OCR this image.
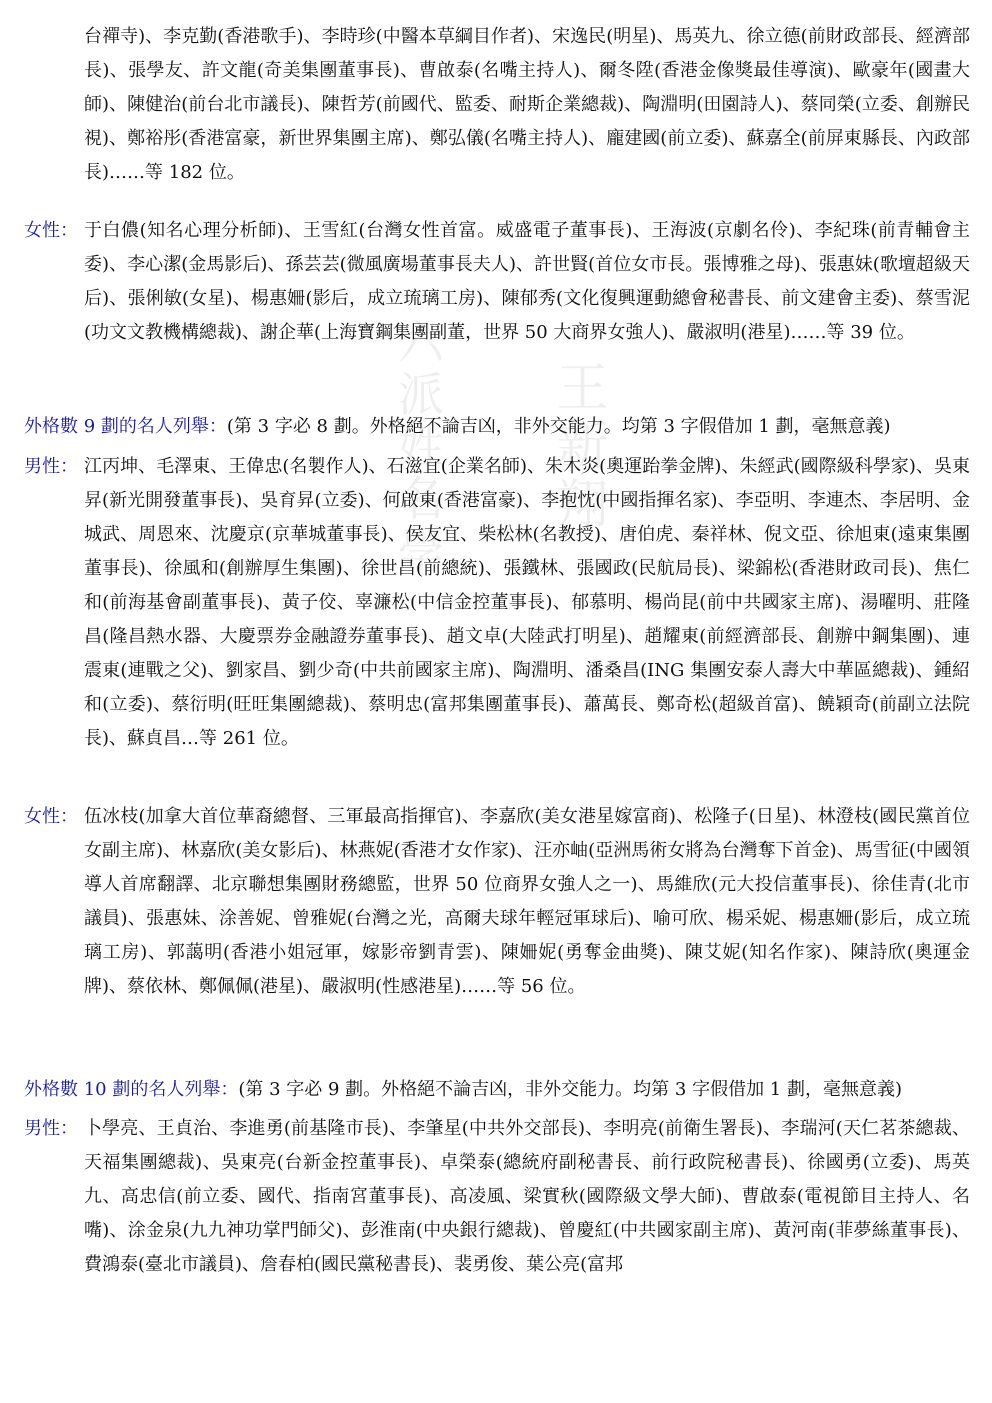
六派姓名學 王新翔
台禪寺)、李克勤(香港歌手)、李時珍(中醫本草綱目作者)、宋逸民(明星)、馬英九、徐立德(前財政部長、經濟部長)、張學友、許文龍(奇美集團董事長)、曹啟泰(名嘴主持人)、爾冬陞(香港金像獎最佳導演)、歐豪年(國畫大師)、陳健治(前台北市議長)、陳哲芳(前國代、監委、耐斯企業總裁)、陶淵明(田園詩人)、蔡同榮(立委、創辦民視)、鄭裕彤(香港富豪，新世界集團主席)、鄭弘儀(名嘴主持人)、龐建國(前立委)、蘇嘉全(前屏東縣長、內政部長)……等 182 位。
女性： 于白儂(知名心理分析師)、王雪紅(台灣女性首富。威盛電子董事長)、王海波(京劇名伶)、李紀珠(前青輔會主委)、李心潔(金馬影后)、孫芸芸(微風廣場董事長夫人)、許世賢(首位女市長。張博雅之母)、張惠妹(歌壇超級天后)、張俐敏(女星)、楊惠姍(影后，成立琉璃工房)、陳郁秀(文化復興運動總會秘書長、前文建會主委)、蔡雪泥(功文文教機構總裁)、謝企華(上海寶鋼集團副董，世界 50 大商界女強人)、嚴淑明(港星)……等 39 位。
外格數 9 劃的名人列舉：(第 3 字必 8 劃。外格絕不論吉凶，非外交能力。均第 3 字假借加 1 劃，毫無意義)
男性： 江丙坤、毛澤東、王偉忠(名製作人)、石滋宜(企業名師)、朱木炎(奧運跆拳金牌)、朱經武(國際級科學家)、吳東昇(新光開發董事長)、吳育昇(立委)、何啟東(香港富豪)、李抱忱(中國指揮名家)、李亞明、李連杰、李居明、金城武、周恩來、沈慶京(京華城董事長)、侯友宜、柴松林(名教授)、唐伯虎、秦祥林、倪文亞、徐旭東(遠東集團董事長)、徐風和(創辦厚生集團)、徐世昌(前總統)、張鐵林、張國政(民航局長)、梁錦松(香港財政司長)、焦仁和(前海基會副董事長)、黃子佼、辜濂松(中信金控董事長)、郁慕明、楊尚昆(前中共國家主席)、湯曜明、莊隆昌(隆昌熱水器、大慶票券金融證券董事長)、趙文卓(大陸武打明星)、趙耀東(前經濟部長、創辦中鋼集團)、連震東(連戰之父)、劉家昌、劉少奇(中共前國家主席)、陶淵明、潘桑昌(ING 集團安泰人壽大中華區總裁)、鍾紹和(立委)、蔡衍明(旺旺集團總裁)、蔡明忠(富邦集團董事長)、蕭萬長、鄭奇松(超級首富)、饒穎奇(前副立法院長)、蘇貞昌…等 261 位。
女性： 伍冰枝(加拿大首位華裔總督、三軍最高指揮官)、李嘉欣(美女港星嫁富商)、松隆子(日星)、林澄枝(國民黨首位女副主席)、林嘉欣(美女影后)、林燕妮(香港才女作家)、汪亦岫(亞洲馬術女將為台灣奪下首金)、馬雪征(中國領導人首席翻譯、北京聯想集團財務總監，世界 50 位商界女強人之一)、馬維欣(元大投信董事長)、徐佳青(北市議員)、張惠妹、涂善妮、曾雅妮(台灣之光，高爾夫球年輕冠軍球后)、喻可欣、楊采妮、楊惠姍(影后，成立琉璃工房)、郭藹明(香港小姐冠軍，嫁影帝劉青雲)、陳姍妮(勇奪金曲獎)、陳艾妮(知名作家)、陳詩欣(奧運金牌)、蔡依林、鄭佩佩(港星)、嚴淑明(性感港星)……等 56 位。
外格數 10 劃的名人列舉：(第 3 字必 9 劃。外格絕不論吉凶，非外交能力。均第 3 字假借加 1 劃，毫無意義)
男性： 卜學亮、王貞治、李進勇(前基隆市長)、李肇星(中共外交部長)、李明亮(前衛生署長)、李瑞河(天仁茗茶總裁、天福集團總裁)、吳東亮(台新金控董事長)、卓榮泰(總統府副秘書長、前行政院秘書長)、徐國勇(立委)、馬英九、高忠信(前立委、國代、指南宮董事長)、高凌風、梁實秋(國際級文學大師)、曹啟泰(電視節目主持人、名嘴)、涂金泉(九九神功掌門師父)、彭淮南(中央銀行總裁)、曾慶紅(中共國家副主席)、黃河南(菲夢絲董事長)、費鴻泰(臺北市議員)、詹春柏(國民黨秘書長)、裴勇俊、葉公亮(富邦
